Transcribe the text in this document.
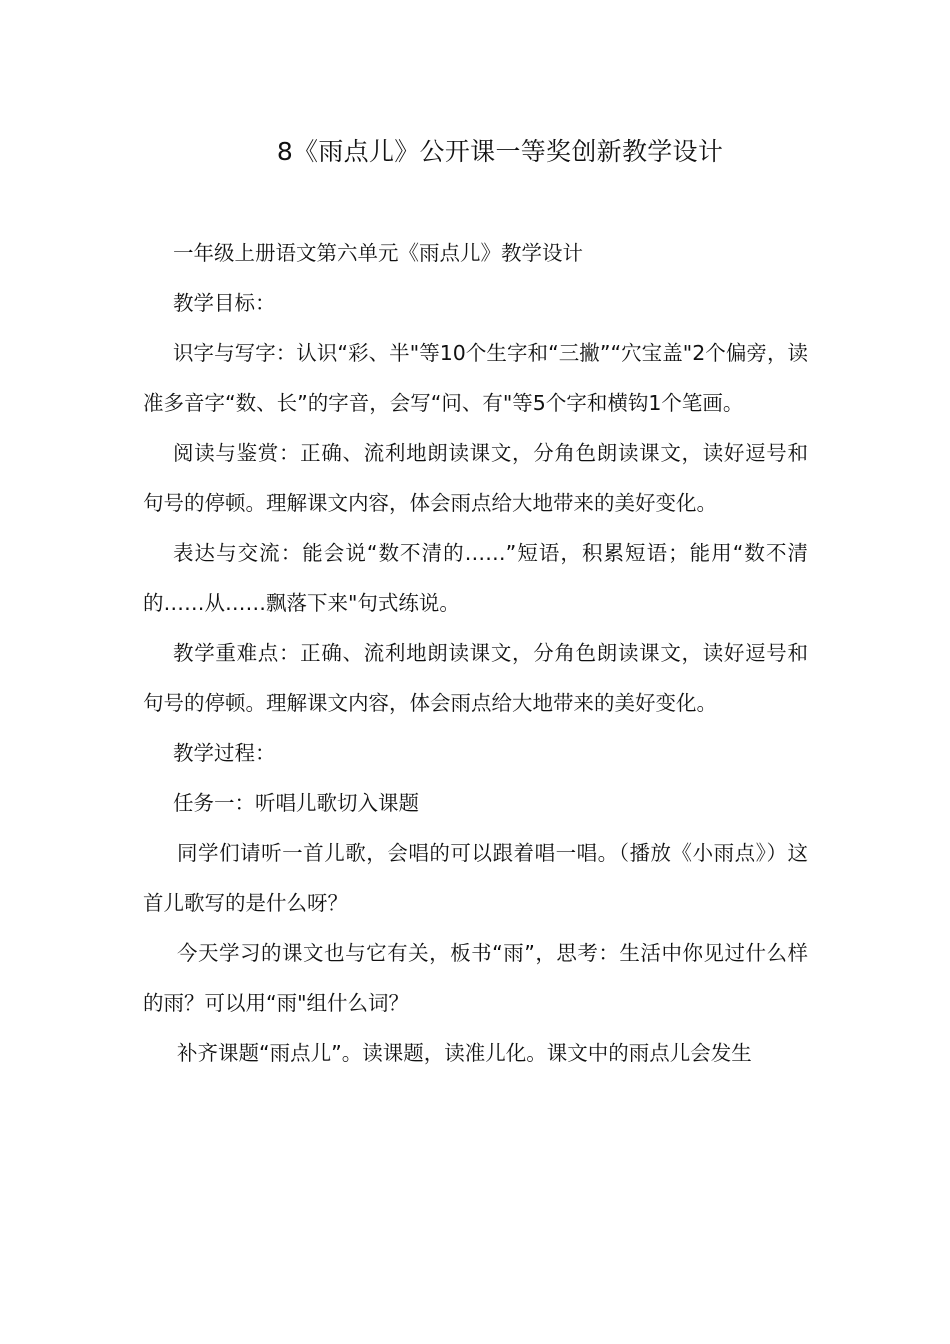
8《雨点儿》公开课一等奖创新教学设计

一年级上册语文第六单元《雨点儿》教学设计

教学目标：

识字与写字：认识“彩、半"等10个生字和“三撇”“穴宝盖"2个偏旁，读准多音字“数、长”的字音，会写“问、有"等5个字和横钩1个笔画。

阅读与鉴赏：正确、流利地朗读课文，分角色朗读课文，读好逗号和句号的停顿。理解课文内容，体会雨点给大地带来的美好变化。

表达与交流：能会说“数不清的……”短语，积累短语；能用“数不清的……从……飘落下来"句式练说。

教学重难点：正确、流利地朗读课文，分角色朗读课文，读好逗号和句号的停顿。理解课文内容，体会雨点给大地带来的美好变化。

教学过程：

任务一：听唱儿歌切入课题

同学们请听一首儿歌，会唱的可以跟着唱一唱。（播放《小雨点》）这首儿歌写的是什么呀？

今天学习的课文也与它有关，板书“雨”，思考：生活中你见过什么样的雨？可以用“雨"组什么词？

补齐课题“雨点儿”。读课题，读准儿化。课文中的雨点儿会发生
